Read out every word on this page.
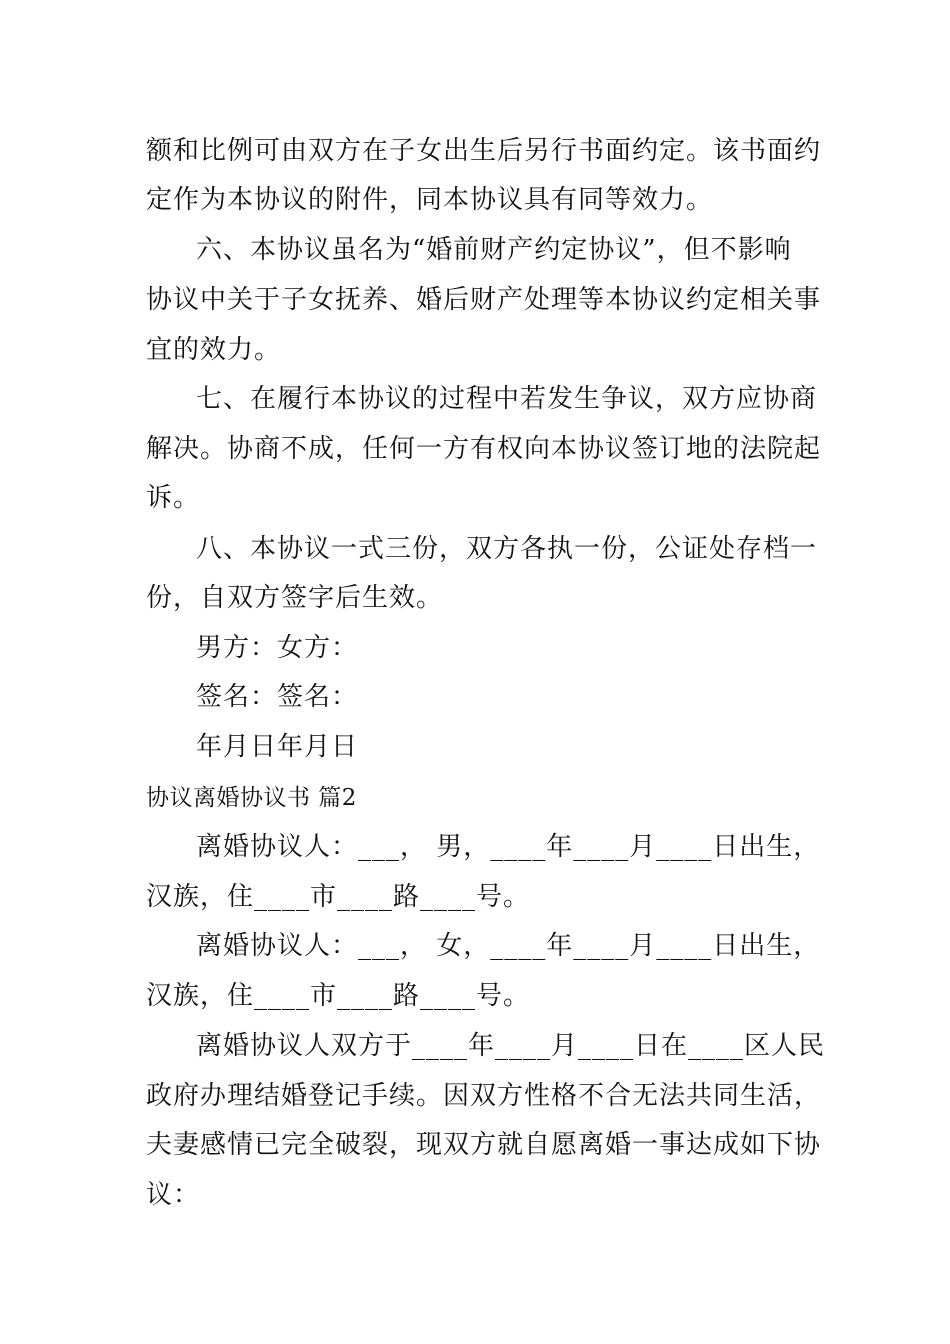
额和比例可由双方在子女出生后另行书面约定。该书面约
定作为本协议的附件，同本协议具有同等效力。
六、本协议虽名为“婚前财产约定协议”，但不影响
协议中关于子女抚养、婚后财产处理等本协议约定相关事
宜的效力。
七、在履行本协议的过程中若发生争议，双方应协商
解决。协商不成，任何一方有权向本协议签订地的法院起
诉。
八、本协议一式三份，双方各执一份，公证处存档一
份，自双方签字后生效。
男方：女方：
签名：签名：
年月日年月日
协议离婚协议书 篇2
离婚协议人：___， 男，____年____月____日出生，
汉族，住____市____路____号。
离婚协议人：___， 女，____年____月____日出生，
汉族，住____市____路____号。
离婚协议人双方于____年____月____日在____区人民
政府办理结婚登记手续。因双方性格不合无法共同生活，
夫妻感情已完全破裂，现双方就自愿离婚一事达成如下协
议：
